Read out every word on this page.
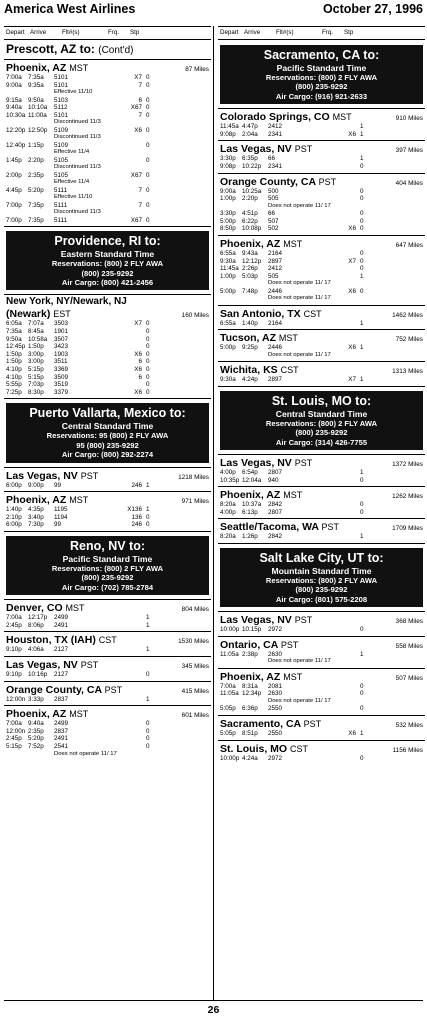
America West Airlines	October 27, 1996
Depart Arrive	Flt#(s)	Frq. Stp
Prescott, AZ to: (Cont'd)
Phoenix, AZ MST	87 Miles
7:00a 7:35a 5101	X7 0
9:00a 9:35a 5101	7 0
Effective 11/10
9:15a 9:50a 5103	6 0
9:40a 10:10a 5112	X67 0
10:30a 11:00a 5101	7 0
Discontinued 11/3
12:20p 12:50p 5109	X6 0
Discontinued 11/3
12:40p 1:15p 5109	0
Effective 11/4
1:45p 2:20p 5105	0
Discontinued 11/3
2:00p 2:35p 5105	X67 0
Effective 11/4
4:45p 5:20p 5111	7 0
Effective 11/10
7:00p 7:35p 5111	7 0
Discontinued 11/3
7:00p 7:35p 5111	X67 0
Providence, RI to:
Eastern Standard Time
Reservations: (800) 2 FLY AWA
(800) 235-9292
Air Cargo: (800) 421-2456
New York, NY/Newark, NJ
(Newark) EST	160 Miles
6:05a 7:07a 3503	X7 0
7:35a 8:45a 1901	0
9:50a 10:58a 3507	0
12:45p 1:50p 3423	0
1:50p 3:00p 1903	X6 0
1:50p 3:00p 3511	6 0
4:10p 5:15p 3369	X6 0
4:10p 5:15p 3509	6 0
5:55p 7:03p 3519	0
7:25p 8:30p 3379	X6 0
Puerto Vallarta, Mexico to:
Central Standard Time
Reservations: 95 (800) 2 FLY AWA
95 (800) 235-9292
Air Cargo: (800) 292-2274
Las Vegas, NV PST	1218 Miles
6:00p 9:00p 99	246 1
Phoenix, AZ MST	971 Miles
1:40p 4:35p 1195	X136 1
2:10p 3:40p 1194	136 0
6:00p 7:30p 99	246 0
Reno, NV to:
Pacific Standard Time
Reservations: (800) 2 FLY AWA
(800) 235-9292
Air Cargo: (702) 785-2784
Denver, CO MST	804 Miles
7:00a 12:17p 2499	1
2:45p 8:06p 2491	1
Houston, TX (IAH) CST	1530 Miles
9:10p 4:06a 2127	1
Las Vegas, NV PST	345 Miles
9:10p 10:16p 2127	0
Orange County, CA PST	415 Miles
12:00n 3:33p 2837	1
Phoenix, AZ MST	601 Miles
7:00a 9:40a 2499	0
12:00n 2:35p 2837	0
2:45p 5:20p 2491	0
5:15p 7:52p 2541	0
Does not operate 11/ 17
Depart Arrive	Flt#(s)	Frq. Stp
Sacramento, CA to:
Pacific Standard Time
Reservations: (800) 2 FLY AWA
(800) 235-9292
Air Cargo: (916) 921-2633
Colorado Springs, CO MST	910 Miles
11:45a 4:47p 2412	1
9:08p 2:04a 2341	X6 1
Las Vegas, NV PST	397 Miles
3:30p 6:35p 66	1
9:08p 10:22p 2341	0
Orange County, CA PST	404 Miles
9:00a 10:25a 500	0
1:00p 2:20p 505	0
Does not operate 11/ 17
3:30p 4:51p 66	0
5:00p 6:22p 507	0
8:50p 10:08p 502	X6 0
Phoenix, AZ MST	647 Miles
6:55a 9:43a 2164	0
9:30a 12:12p 2897	X7 0
11:45a 2:26p 2412	0
1:00p 5:03p 505	1
Does not operate 11/ 17
5:00p 7:48p 2446	X6 0
Does not operate 11/ 17
San Antonio, TX CST	1462 Miles
6:55a 1:40p 2164	1
Tucson, AZ MST	752 Miles
5:00p 9:25p 2446	X6 1
Does not operate 11/ 17
Wichita, KS CST	1313 Miles
9:30a 4:24p 2897	X7 1
St. Louis, MO to:
Central Standard Time
Reservations: (800) 2 FLY AWA
(800) 235-9292
Air Cargo: (314) 426-7755
Las Vegas, NV PST	1372 Miles
4:00p 6:54p 2807	1
10:35p 12:04a 940	0
Phoenix, AZ MST	1262 Miles
8:20a 10:37a 2842	0
4:00p 6:13p 2807	0
Seattle/Tacoma, WA PST	1709 Miles
8:20a 1:26p 2842	1
Salt Lake City, UT to:
Mountain Standard Time
Reservations: (800) 2 FLY AWA
(800) 235-9292
Air Cargo: (801) 575-2208
Las Vegas, NV PST	368 Miles
10:00p 10:15p 2972	0
Ontario, CA PST	558 Miles
11:05a 2:38p 2630	1
Does not operate 11/ 17
Phoenix, AZ MST	507 Miles
7:00a 8:31a 2081	0
11:05a 12:34p 2630	0
Does not operate 11/ 17
5:05p 6:36p 2550	0
Sacramento, CA PST	532 Miles
5:05p 8:51p 2550	X6 1
St. Louis, MO CST	1156 Miles
10:00p 4:24a 2972	0
26
